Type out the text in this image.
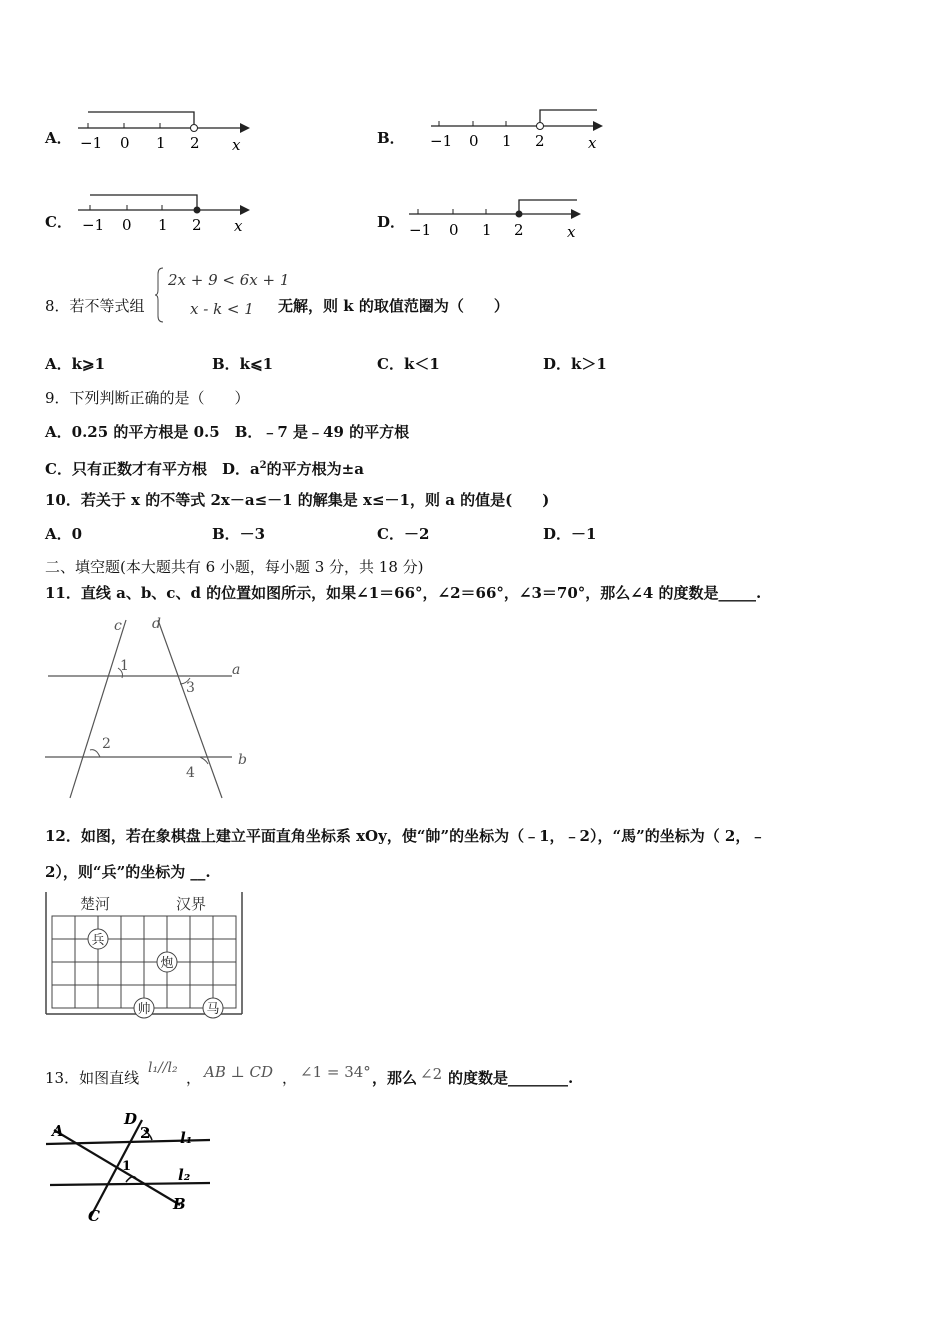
A． −1 0 1 2 x	B． −1 0 1 2	x
C． −1 0 1 2 x	D． −1 0 1 2	x
8．若不等式组
2x + 9 < 6x + 1
x - k < 1 无解，则 k 的取值范圈为（　　）
A．k⩾1	B．k⩽1	C．k＜1	D．k＞1
9．下列判断正确的是（　　）
A．0.25 的平方根是 0.5　B．﹣7 是﹣49 的平方根
C．只有正数才有平方根　D．$a^2$的平方根为±a
10．若关于 x 的不等式 2x－a≤－1 的解集是 x≤－1，则 a 的值是(　　)
A．0	B．－3	C．－2	D．－1
二、填空题(本大题共有 6 小题，每小题 3 分，共 18 分)
11．直线 a、b、c、d 的位置如图所示，如果∠1＝66°，∠2＝66°，∠3＝70°，那么∠4 的度数是_____.
c d
a
b
1
3
2
4
12．如图，若在象棋盘上建立平面直角坐标系 xOy，使“帥”的坐标为（﹣1，﹣2），“馬”的坐标为（ 2，﹣
2），则“兵”的坐标为 __.
楚河	汉界
兵
炮
帅	马
13．如图直线
l₁//l₂
， AB ⊥ CD ， ∠1 = 34° ，那么 ∠2 的度数是________.
A
D
2 l₁
l₂
1
C
B
